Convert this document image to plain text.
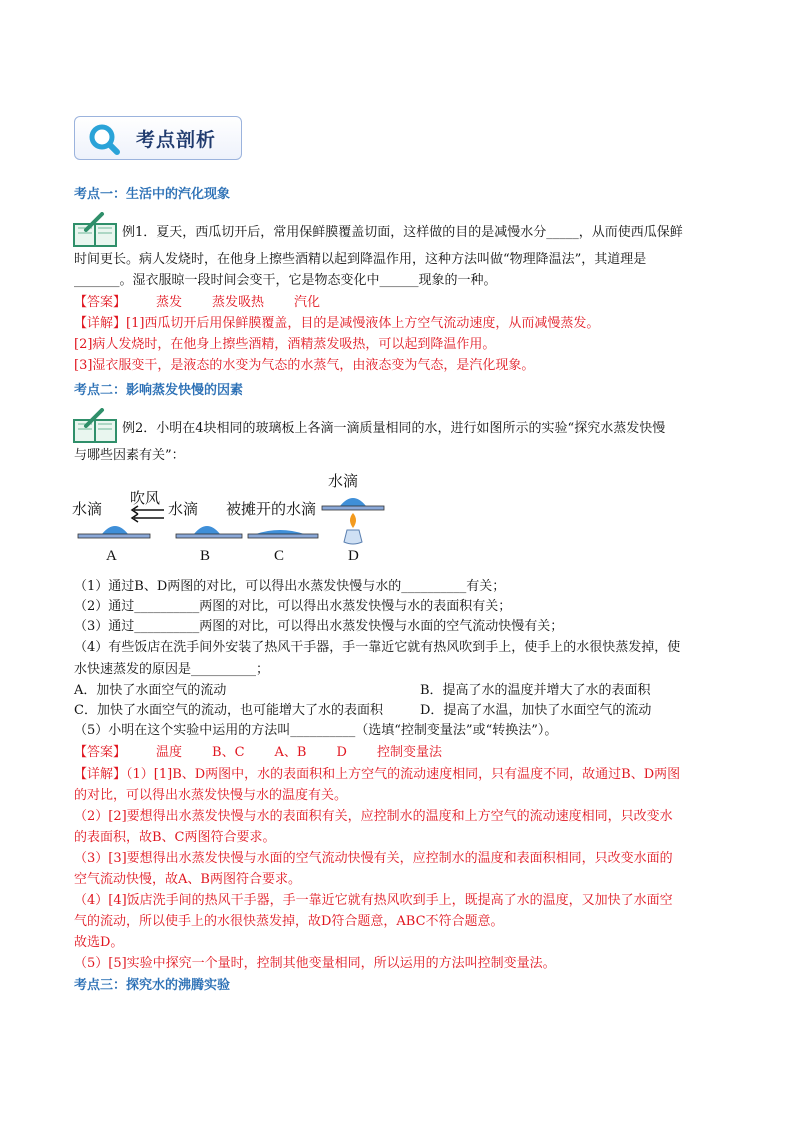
考点剖析
考点一：生活中的汽化现象
例1．夏天，西瓜切开后，常用保鲜膜覆盖切面，这样做的目的是减慢水分_____，从而使西瓜保鲜
时间更长。病人发烧时，在他身上擦些酒精以起到降温作用，这种方法叫做“物理降温法”，其道理是
_______。湿衣服晾一段时间会变干，它是物态变化中______现象的一种。
【答案】 蒸发 蒸发吸热 汽化
【详解】[1]西瓜切开后用保鲜膜覆盖，目的是减慢液体上方空气流动速度，从而减慢蒸发。
[2]病人发烧时，在他身上擦些酒精，酒精蒸发吸热，可以起到降温作用。
[3]湿衣服变干，是液态的水变为气态的水蒸气，由液态变为气态，是汽化现象。
考点二：影响蒸发快慢的因素
例2．小明在4块相同的玻璃板上各滴一滴质量相同的水，进行如图所示的实验“探究水蒸发快慢
与哪些因素有关”：
水滴
吹风
A
水滴
B
被摊开的水滴
C
水滴
D
（1）通过B、D两图的对比，可以得出水蒸发快慢与水的__________有关；
（2）通过__________两图的对比，可以得出水蒸发快慢与水的表面积有关；
（3）通过__________两图的对比，可以得出水蒸发快慢与水面的空气流动快慢有关；
（4）有些饭店在洗手间外安装了热风干手器，手一靠近它就有热风吹到手上，使手上的水很快蒸发掉，使
水快速蒸发的原因是__________；
A．加快了水面空气的流动	B．提高了水的温度并增大了水的表面积
C．加快了水面空气的流动，也可能增大了水的表面积	D．提高了水温，加快了水面空气的流动
（5）小明在这个实验中运用的方法叫__________（选填“控制变量法”或“转换法”）。
【答案】 温度 B、C A、B D 控制变量法
【详解】（1）[1]B、D两图中，水的表面积和上方空气的流动速度相同，只有温度不同，故通过B、D两图
的对比，可以得出水蒸发快慢与水的温度有关。
（2）[2]要想得出水蒸发快慢与水的表面积有关，应控制水的温度和上方空气的流动速度相同，只改变水
的表面积，故B、C两图符合要求。
（3）[3]要想得出水蒸发快慢与水面的空气流动快慢有关，应控制水的温度和表面积相同，只改变水面的
空气流动快慢，故A、B两图符合要求。
（4）[4]饭店洗手间的热风干手器，手一靠近它就有热风吹到手上，既提高了水的温度，又加快了水面空
气的流动，所以使手上的水很快蒸发掉，故D符合题意，ABC不符合题意。
故选D。
（5）[5]实验中探究一个量时，控制其他变量相同，所以运用的方法叫控制变量法。
考点三：探究水的沸腾实验
